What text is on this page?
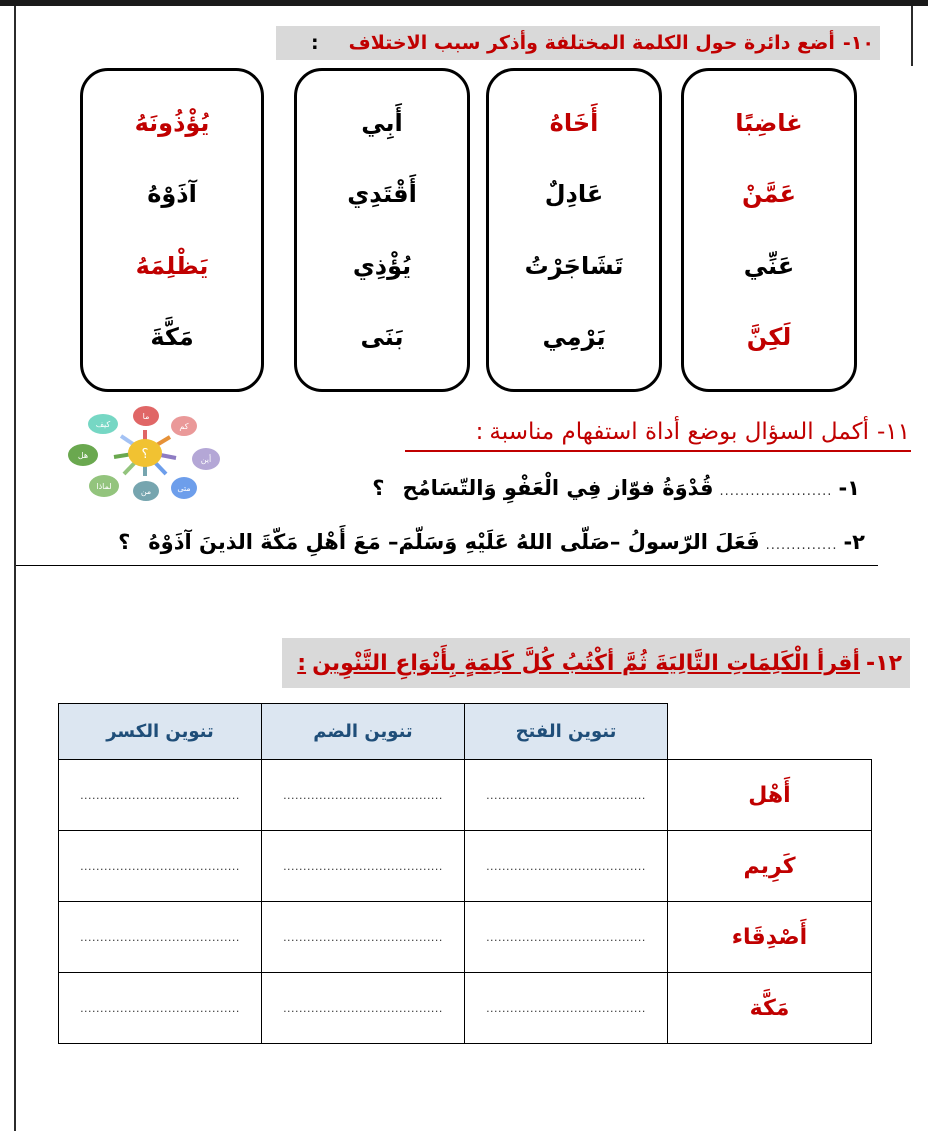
١٠-
أضع دائرة حول الكلمة المختلفة وأذكر سبب الاختلاف
:
غاضِبًا
عَمَّنْ
عَنِّي
لَكِنَّ
أَخَاهُ
عَادِلٌ
تَشَاجَرْتُ
يَرْمِي
أَبِي
أَقْتَدِي
يُؤْذِي
بَنَى
يُؤْذُونَهُ
آذَوْهُ
يَظْلِمَهُ
مَكَّةَ
١١-
أكمل السؤال بوضع أداة استفهام مناسبة
:
؟
ما
كم
أين
متى
من
لماذا
هل
كيف
١-
......................
قُدْوَةُ فوّاز فِي الْعَفْوِ وَالتّسَامُح
؟
٢-
..............
فَعَلَ الرّسولُ –صَلّى اللهُ عَلَيْهِ وَسَلّمَ– مَعَ أَهْلِ مَكّةَ الذينَ آذَوْهُ
؟
١٢-
أقرأ الْكَلِمَاتِ التَّالِيَةَ ثُمَّ أكْتُبُ كُلَّ كَلِمَةٍ بِأَنْوَاعِ التَّنْوِين
:
	تنوين الفتح	تنوين الضم	تنوين الكسر
أَهْل	........................................	........................................	........................................
كَرِيم	........................................	........................................	........................................
أَصْدِقَاء	........................................	........................................	........................................
مَكَّة	........................................	........................................	........................................
